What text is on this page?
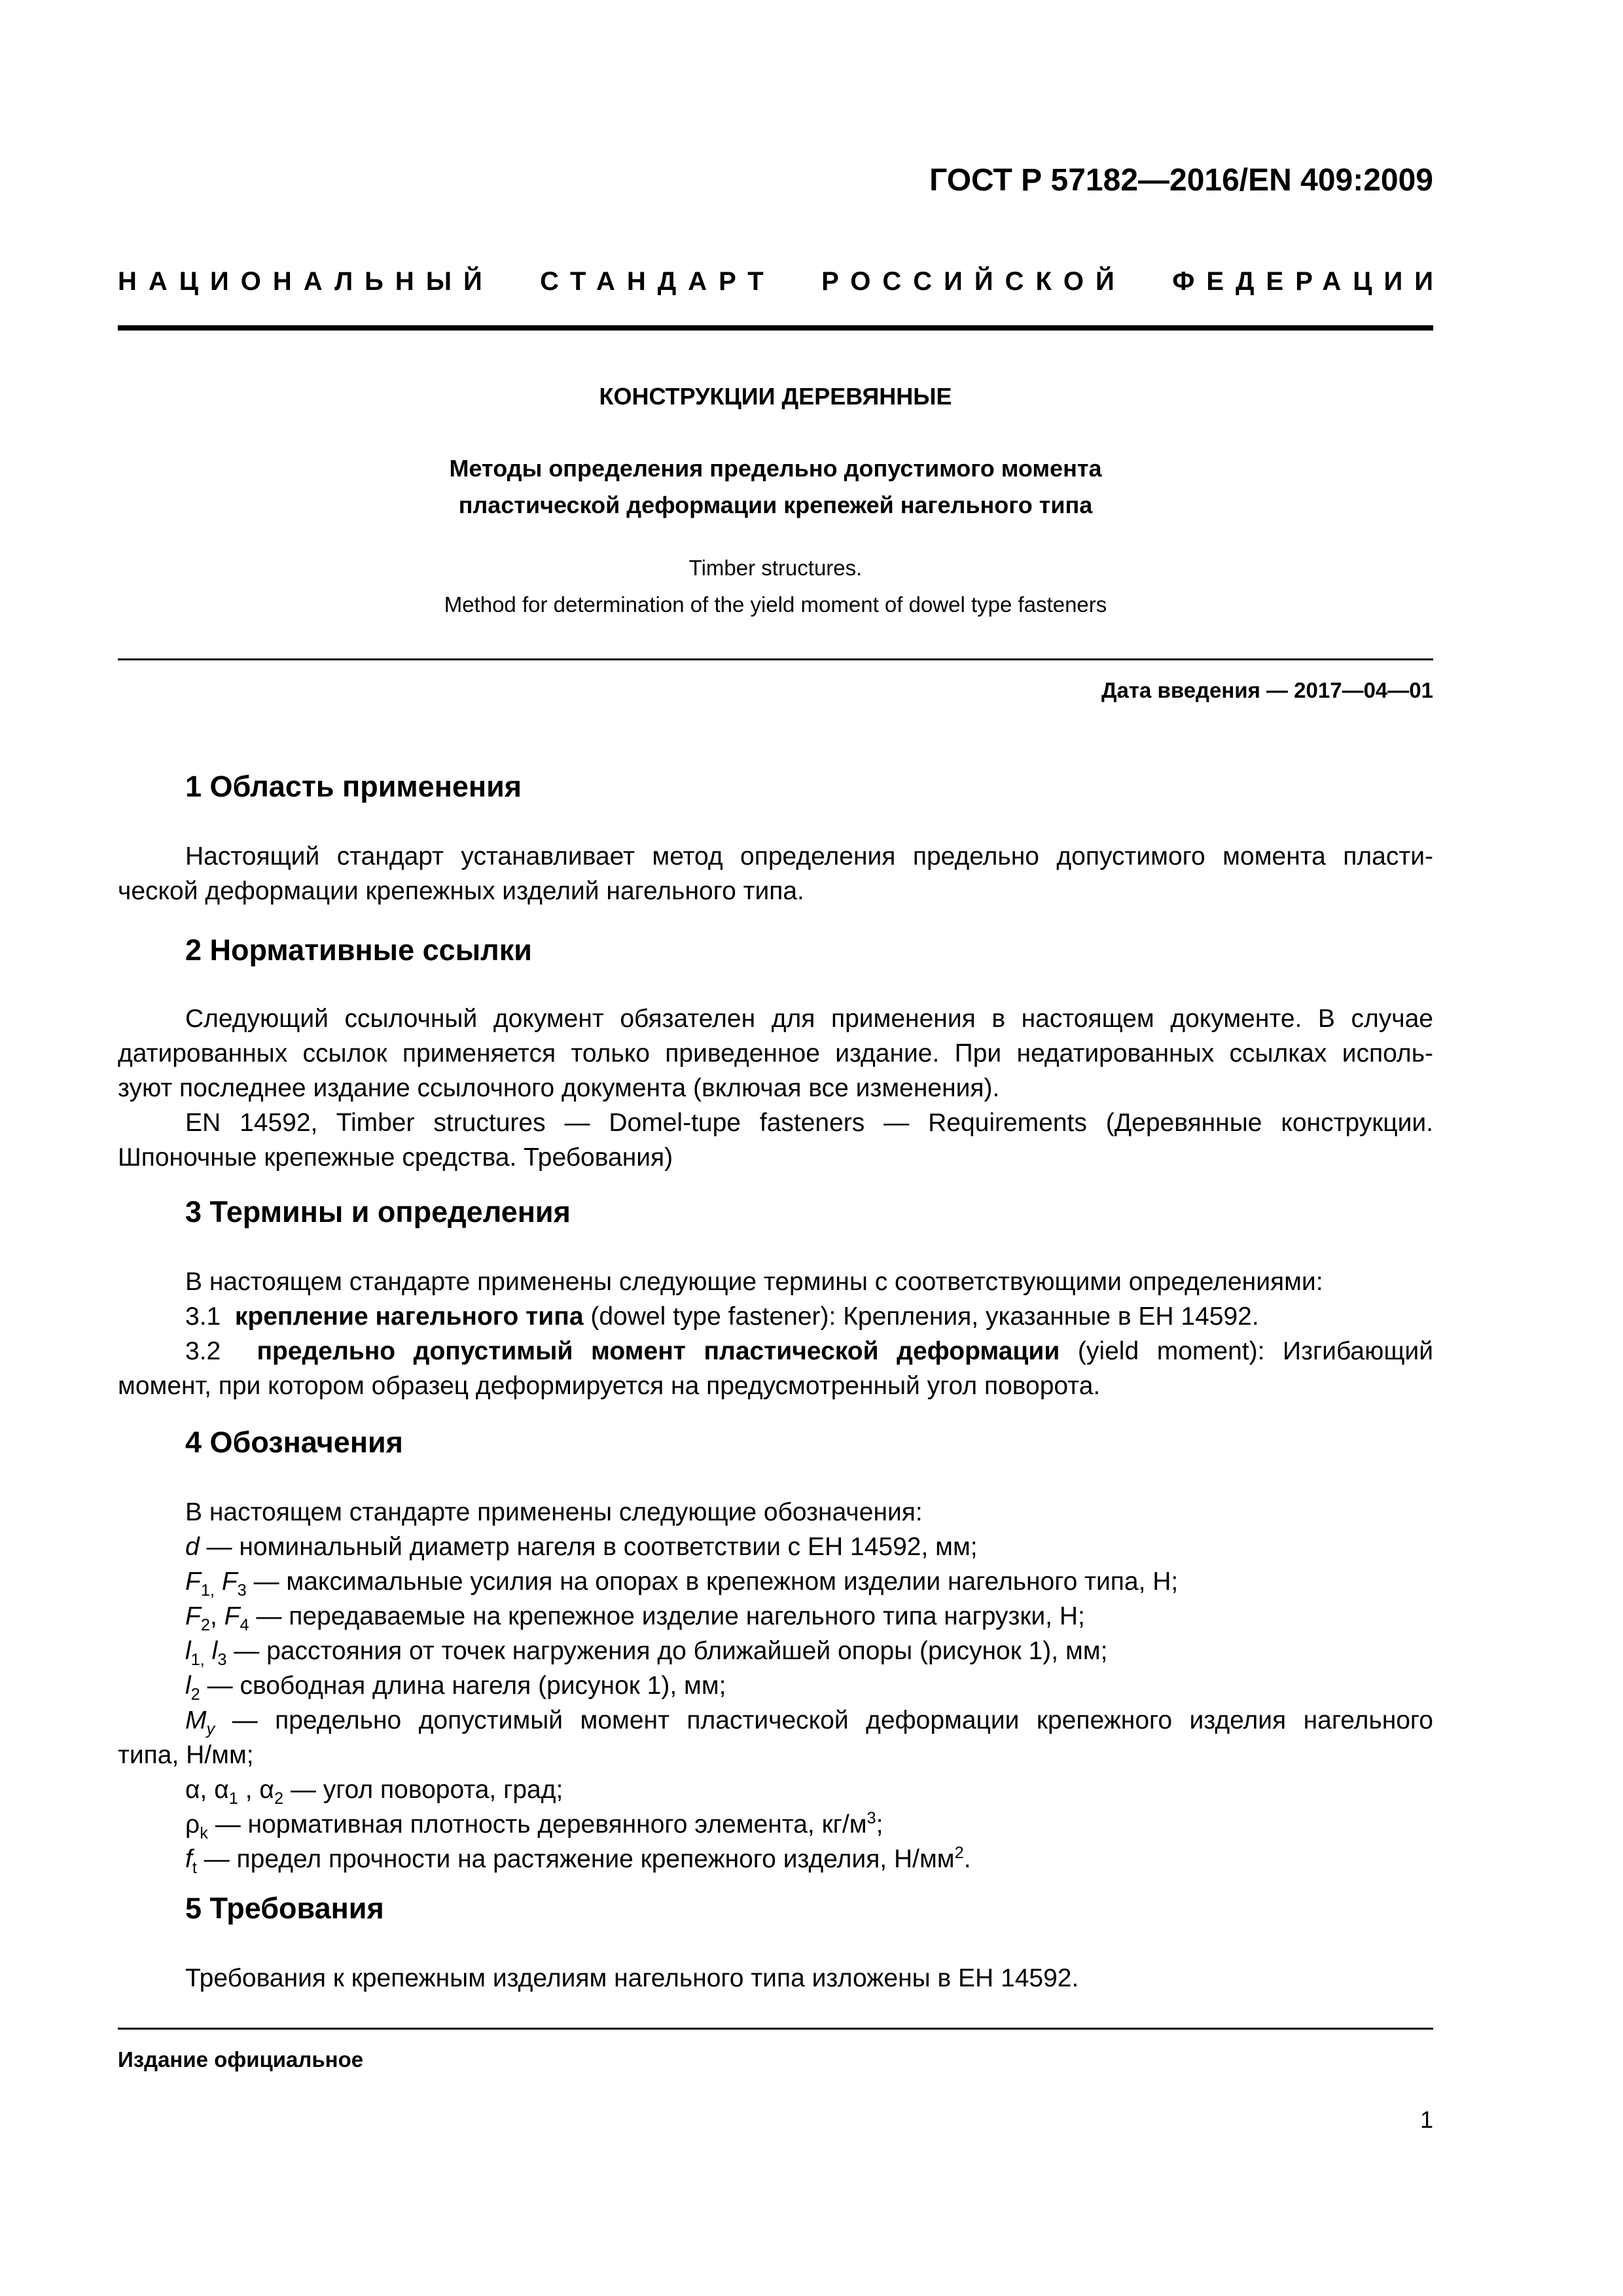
ГОСТ Р 57182—2016/EN 409:2009
НАЦИОНАЛЬНЫЙ СТАНДАРТ РОССИЙСКОЙ ФЕДЕРАЦИИ
КОНСТРУКЦИИ ДЕРЕВЯННЫЕ
Методы определения предельно допустимого момента
пластической деформации крепежей нагельного типа
Timber structures.
Method for determination of the yield moment of dowel type fasteners
Дата введения — 2017—04—01
1 Область применения
Настоящий стандарт устанавливает метод определения предельно допустимого момента пласти-
ческой деформации крепежных изделий нагельного типа.
2 Нормативные ссылки
Следующий ссылочный документ обязателен для применения в настоящем документе. В случае
датированных ссылок применяется только приведенное издание. При недатированных ссылках исполь-
зуют последнее издание ссылочного документа (включая все изменения).
EN 14592, Timber structures — Domel-tupe fasteners — Requirements (Деревянные конструкции.
Шпоночные крепежные средства. Требования)
3 Термины и определения
В настоящем стандарте применены следующие термины с соответствующими определениями:
3.1 крепление нагельного типа (dowel type fastener): Крепления, указанные в ЕН 14592.
3.2 предельно допустимый момент пластической деформации (yield moment): Изгибающий
момент, при котором образец деформируется на предусмотренный угол поворота.
4 Обозначения
В настоящем стандарте применены следующие обозначения:
d — номинальный диаметр нагеля в соответствии с ЕН 14592, мм;
$F_{1,}$ $F_3$ — максимальные усилия на опорах в крепежном изделии нагельного типа, Н;
$F_2$, $F_4$ — передаваемые на крепежное изделие нагельного типа нагрузки, Н;
$l_{1,}$ $l_3$ — расстояния от точек нагружения до ближайшей опоры (рисунок 1), мм;
$l_2$ — свободная длина нагеля (рисунок 1), мм;
$M_y$ — предельно допустимый момент пластической деформации крепежного изделия нагельного
типа, Н/мм;
α, $\alpha_1$ , $\alpha_2$ — угол поворота, град;
$\rho_k$ — нормативная плотность деревянного элемента, $кг/м^3$;
$f_t$ — предел прочности на растяжение крепежного изделия, $Н/мм^2$.
5 Требования
Требования к крепежным изделиям нагельного типа изложены в ЕН 14592.
Издание официальное
1
